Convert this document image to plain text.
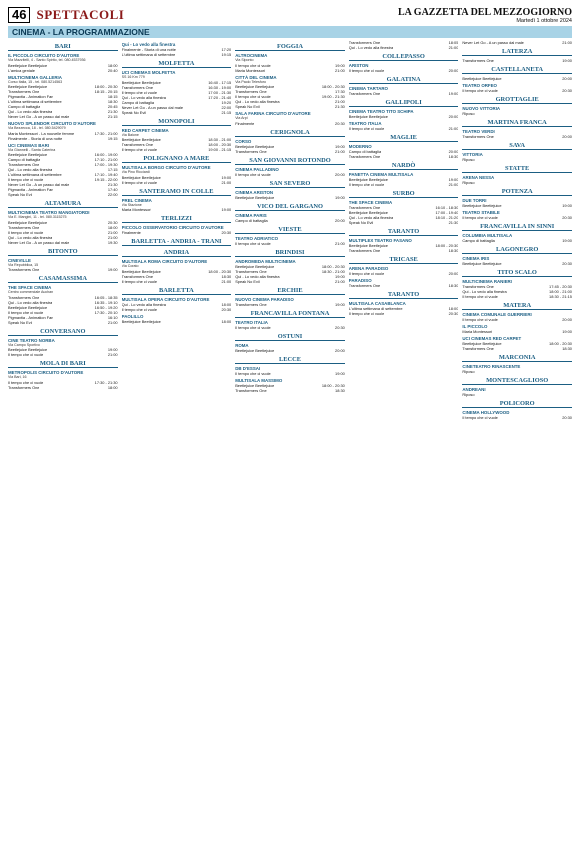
46 SPETTACOLI	LA GAZZETTA DEL MEZZOGIORNO
Martedì 1 ottobre 2024
CINEMA - LA PROGRAMMAZIONE
BARI
IL PICCOLO CIRCUITO D'AUTORE
Via Mazzitelli, 4 - Santo Spirito, tel. 080.4537936
Beetlejuice Beetlejuice	18:00
L'amica geniale	20:40
MULTICINEMA GALLERIA
Corso Italia, 15 - tel. 080.5214563
Beetlejuice Beetlejuice	18:00 - 20:30
Transformers One	18:15 - 20:15
Pigmaxtia - Animation Fan	18:15
L'ultima settimana di settembre	18:30
Campo di battaglia	20:45
Qui - Lo vedo alla finestra	21:30
Never Let Go - A un passo dal male	21:15
NUOVO SPLENDOR CIRCUITO D'AUTORE
Via Bezzecca, 18 - tel. 080.5429079
Maria Montessori - La nouvelle femme	17:30 - 21:00
Finalmente - Storia di una notte	19:15
UCI CINEMAS BARI
Via Giannelli - Santa Caterina
Beetlejuice Beetlejuice	16:00 - 19:00
Campo di battaglia	17:10 - 21:00
Transformers One	17:00 - 19:30
Qui - Lo vedo alla finestra	17:15
L'ultima settimana di settembre	17:10 - 19:40
Il tempo che ci vuole	19:15 - 22:00
Never Let Go - A un passo dal male	21:30
Pigmaxtia - Animation Fan	17:40
Speak No Evil	22:00
ALTAMURA
MULTICINEMA TEATRO MANGIATORDI
Via E. Mangini, 11 - tel. 080.3115275
Beetlejuice Beetlejuice	20:30
Transformers One	18:00
Il tempo che ci vuole	21:00
Qui - Lo vedo alla finestra	21:00
Never Let Go - A un passo dal male	19:30
BITONTO
CINEVILLE
Via Repubblica, 15
Transformers One	19:00
CASAMASSIMA
THE SPACE CINEMA
Centro commerciale Auchan
Transformers One	16:05 - 18:35
Qui - Lo vedo alla finestra	16:35 - 19:10
Beetlejuice Beetlejuice	16:50 - 19:20
Il tempo che ci vuole	17:30 - 20:10
Pigmaxtia - Animation Fan	16:10
Speak No Evil	21:00
CONVERSANO
CINE TEATRO NORBA
Via Campo Sportivo
Beetlejuice Beetlejuice	19:00
Il tempo che ci vuole	21:00
MOLA DI BARI
METROPOLIS CIRCUITO D'AUTORE
Via Bari, 16
Il tempo che ci vuole	17:30 - 21:30
Transformers One	18:00
Qui - Lo vedo alla finestra
Finalmente - Storia di una notte	17:20
L'ultima settimana di settembre	19:15
MOLFETTA
UCI CINEMAS MOLFETTA
SS 16 Km 779
Beetlejuice Beetlejuice	16:40 - 17:15
Transformers One	16:30 - 19:00
Il tempo che ci vuole	17:00 - 21:30
Qui - Lo vedo alla finestra	17:20 - 21:40
Campo di battaglia	19:20
Never Let Go - A un passo dal male	22:00
Speak No Evil	21:15
MONOPOLI
RED CARPET CINEMA
Via Baione
Beetlejuice Beetlejuice	18:30 - 21:00
Transformers One	18:00 - 20:30
Il tempo che ci vuole	19:00 - 21:15
POLIGNANO A MARE
MULTISALA BORGO CIRCUITO D'AUTORE
Via Pino Ricciardi
Beetlejuice Beetlejuice	19:00
Il tempo che ci vuole	21:00
SANTERAMO IN COLLE
PREL CINEMA
Via Stazione
Maria Montessori	19:00
TERLIZZI
PICCOLO OSSERVATORIO CIRCUITO D'AUTORE
Finalmente	20:30
BARLETTA - ANDRIA - TRANI
ANDRIA
MULTISALA ROMA CIRCUITO D'AUTORE
Via Corato
Beetlejuice Beetlejuice	18:00 - 20:30
Transformers One	18:30
Il tempo che ci vuole	21:00
BARLETTA
MULTISALA OPERA CIRCUITO D'AUTORE
Qui - Lo vedo alla finestra	18:00
Il tempo che ci vuole	20:30
PAOLILLO
Beetlejuice Beetlejuice	18:00
FOGGIA
ALTROCINEMA
Via Siponto
Il tempo che ci vuole	19:00
Maria Montessori	21:00
CITTÀ DEL CINEMA
Via Paolo Telesforo
Beetlejuice Beetlejuice	18:00 - 20:30
Transformers One	17:30
Il tempo che ci vuole	19:00 - 21:30
Qui - Lo vedo alla finestra	21:00
Speak No Evil	21:30
SALA FARINA CIRCUITO D'AUTORE
Via Arpi
Finalmente	20:30
CERIGNOLA
CORSO
Beetlejuice Beetlejuice	19:00
Transformers One	21:00
SAN GIOVANNI ROTONDO
CINEMA PALLADINO
Il tempo che ci vuole	20:00
SAN SEVERO
CINEMA ARISTON
Beetlejuice Beetlejuice	19:00
VICO DEL GARGANO
CINEMA PARIS
Campo di battaglia	20:00
VIESTE
TEATRO ADRIATICO
Il tempo che ci vuole	21:00
BRINDISI
ANDROMEDA MULTICINEMA
Beetlejuice Beetlejuice	18:00 - 20:30
Transformers One	18:30 - 21:00
Qui - Lo vedo alla finestra	19:00
Speak No Evil	21:00
ERCHIE
NUOVO CINEMA PARADISO
Transformers One	19:00
FRANCAVILLA FONTANA
TEATRO ITALIA
Il tempo che ci vuole	20:30
OSTUNI
ROMA
Beetlejuice Beetlejuice	20:00
LECCE
DB D'ESSAI
Il tempo che ci vuole	19:00
MULTISALA MASSIMO
Beetlejuice Beetlejuice	18:00 - 20:30
Transformers One	18:30
Transformers One	18:05
Qui - Lo vedo alla finestra	21:00
COLLEPASSO
ARISTON
Il tempo che ci vuole	20:00
GALATINA
CINEMA TARTARO
Transformers One	19:00
GALLIPOLI
CINEMA TEATRO TITO SCHIPA
Beetlejuice Beetlejuice	20:00
TEATRO ITALIA
Il tempo che ci vuole	21:00
MAGLIE
MODERNO
Campo di battaglia	20:00
Transformers One	18:30
NARDÒ
PANETTA CINEMA MULTISALA
Beetlejuice Beetlejuice	19:00
Il tempo che ci vuole	21:00
SURBO
THE SPACE CINEMA
Transformers One	16:10 - 18:30
Beetlejuice Beetlejuice	17:00 - 19:40
Qui - Lo vedo alla finestra	18:10 - 21:20
Speak No Evil	21:30
TARANTO
MULTIPLEX TEATRO FASANO
Beetlejuice Beetlejuice	18:00 - 20:30
Transformers One	18:30
TRICASE
ARENA PARADISO
Il tempo che ci vuole	20:00
PARADISO
Transformers One	18:30
TARANTO
MULTISALA CASABLANCA
L'ultima settimana di settembre	18:00
Il tempo che ci vuole	20:30
Never Let Go - A un passo dal male	21:00
LATERZA
Transformers One	19:00
CASTELLANETA
Beetlejuice Beetlejuice	20:00
TEATRO ORFEO
Il tempo che ci vuole	20:30
GROTTAGLIE
NUOVO VITTORIA
Riposo
MARTINA FRANCA
TEATRO VERDI
Transformers One	20:00
SAVA
VITTORIA
Riposo
STATTE
ARENA NESSA
Riposo
POTENZA
DUE TORRI
Beetlejuice Beetlejuice	19:00
TEATRO STABILE
Il tempo che ci vuole	20:30
FRANCAVILLA IN SINNI
COLUMBIA MULTISALA
Campo di battaglia	19:00
LAGONEGRO
CINEMA IRIS
Beetlejuice Beetlejuice	20:30
TITO SCALO
MULTICINEMA RANIERI
Transformers One	17:45 - 20:30
Qui - Lo vedo alla finestra	18:00 - 21:00
Il tempo che ci vuole	18:30 - 21:15
MATERA
CINEMA COMUNALE GUERRIERI
Il tempo che ci vuole	20:00
IL PICCOLO
Maria Montessori	19:00
UCI CINEMAS RED CARPET
Beetlejuice Beetlejuice	18:00 - 20:30
Transformers One	18:30
MARCONIA
CINETEATRO RINASCENTE
Riposo
MONTESCAGLIOSO
ANDREANI
Riposo
POLICORO
CINEMA HOLLYWOOD
Il tempo che ci vuole	20:30
